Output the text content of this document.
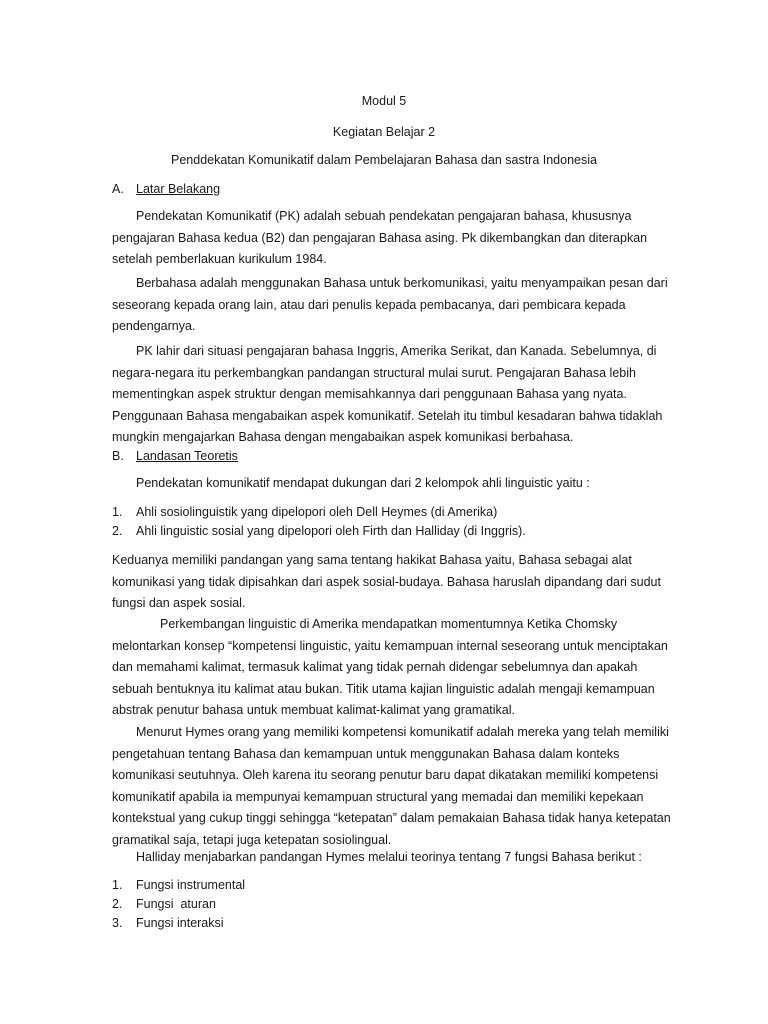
Modul 5
Kegiatan Belajar 2
Penddekatan Komunikatif dalam Pembelajaran Bahasa dan sastra Indonesia
A. Latar Belakang

Pendekatan Komunikatif (PK) adalah sebuah pendekatan pengajaran bahasa, khususnya pengajaran Bahasa kedua (B2) dan pengajaran Bahasa asing. Pk dikembangkan dan diterapkan setelah pemberlakuan kurikulum 1984.

Berbahasa adalah menggunakan Bahasa untuk berkomunikasi, yaitu menyampaikan pesan dari seseorang kepada orang lain, atau dari penulis kepada pembacanya, dari pembicara kepada pendengarnya.

PK lahir dari situasi pengajaran bahasa Inggris, Amerika Serikat, dan Kanada. Sebelumnya, di negara-negara itu perkembangkan pandangan structural mulai surut. Pengajaran Bahasa lebih mementingkan aspek struktur dengan memisahkannya dari penggunaan Bahasa yang nyata. Penggunaan Bahasa mengabaikan aspek komunikatif. Setelah itu timbul kesadaran bahwa tidaklah mungkin mengajarkan Bahasa dengan mengabaikan aspek komunikasi berbahasa.

B. Landasan Teoretis

Pendekatan komunikatif mendapat dukungan dari 2 kelompok ahli linguistic yaitu :

1. Ahli sosiolinguistik yang dipelopori oleh Dell Heymes (di Amerika)
2. Ahli linguistic sosial yang dipelopori oleh Firth dan Halliday (di Inggris).

Keduanya memiliki pandangan yang sama tentang hakikat Bahasa yaitu, Bahasa sebagai alat komunikasi yang tidak dipisahkan dari aspek sosial-budaya. Bahasa haruslah dipandang dari sudut fungsi dan aspek sosial.

Perkembangan linguistic di Amerika mendapatkan momentumnya Ketika Chomsky melontarkan konsep “kompetensi linguistic, yaitu kemampuan internal seseorang untuk menciptakan dan memahami kalimat, termasuk kalimat yang tidak pernah didengar sebelumnya dan apakah sebuah bentuknya itu kalimat atau bukan. Titik utama kajian linguistic adalah mengaji kemampuan abstrak penutur bahasa untuk membuat kalimat-kalimat yang gramatikal.

Menurut Hymes orang yang memiliki kompetensi komunikatif adalah mereka yang telah memiliki pengetahuan tentang Bahasa dan kemampuan untuk menggunakan Bahasa dalam konteks komunikasi seutuhnya. Oleh karena itu seorang penutur baru dapat dikatakan memiliki kompetensi komunikatif apabila ia mempunyai kemampuan structural yang memadai dan memiliki kepekaan kontekstual yang cukup tinggi sehingga “ketepatan” dalam pemakaian Bahasa tidak hanya ketepatan gramatikal saja, tetapi juga ketepatan sosiolingual.

Halliday menjabarkan pandangan Hymes melalui teorinya tentang 7 fungsi Bahasa berikut :

1. Fungsi instrumental
2. Fungsi  aturan
3. Fungsi interaksi
